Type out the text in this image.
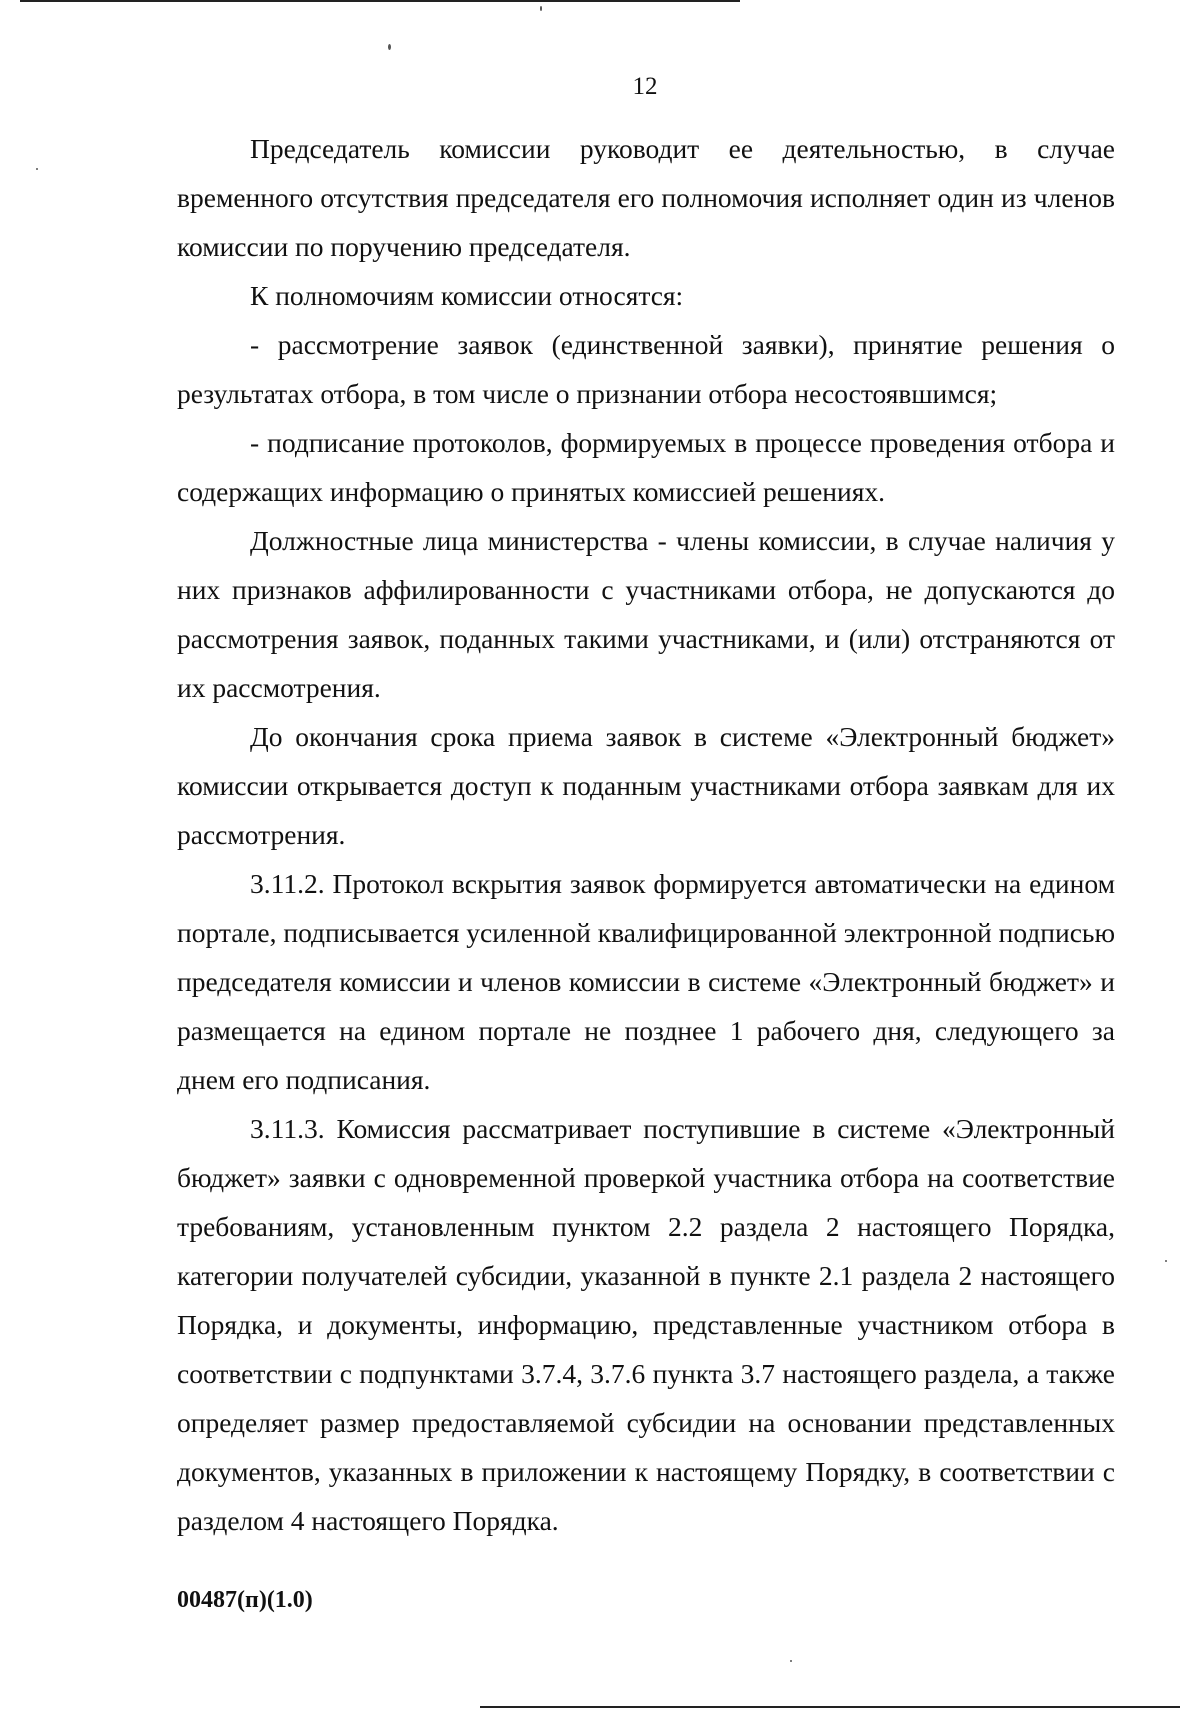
12

Председатель комиссии руководит ее деятельностью, в случае временного отсутствия председателя его полномочия исполняет один из членов комиссии по поручению председателя.

К полномочиям комиссии относятся:

- рассмотрение заявок (единственной заявки), принятие решения о результатах отбора, в том числе о признании отбора несостоявшимся;

- подписание протоколов, формируемых в процессе проведения отбора и содержащих информацию о принятых комиссией решениях.

Должностные лица министерства - члены комиссии, в случае наличия у них признаков аффилированности с участниками отбора, не допускаются до рассмотрения заявок, поданных такими участниками, и (или) отстраняются от их рассмотрения.

До окончания срока приема заявок в системе «Электронный бюджет» комиссии открывается доступ к поданным участниками отбора заявкам для их рассмотрения.

3.11.2. Протокол вскрытия заявок формируется автоматически на едином портале, подписывается усиленной квалифицированной электронной подписью председателя комиссии и членов комиссии в системе «Электронный бюджет» и размещается на едином портале не позднее 1 рабочего дня, следующего за днем его подписания.

3.11.3. Комиссия рассматривает поступившие в системе «Электронный бюджет» заявки с одновременной проверкой участника отбора на соответствие требованиям, установленным пунктом 2.2 раздела 2 настоящего Порядка, категории получателей субсидии, указанной в пункте 2.1 раздела 2 настоящего Порядка, и документы, информацию, представленные участником отбора в соответствии с подпунктами 3.7.4, 3.7.6 пункта 3.7 настоящего раздела, а также определяет размер предоставляемой субсидии на основании представленных документов, указанных в приложении к настоящему Порядку, в соответствии с разделом 4 настоящего Порядка.

00487(п)(1.0)
